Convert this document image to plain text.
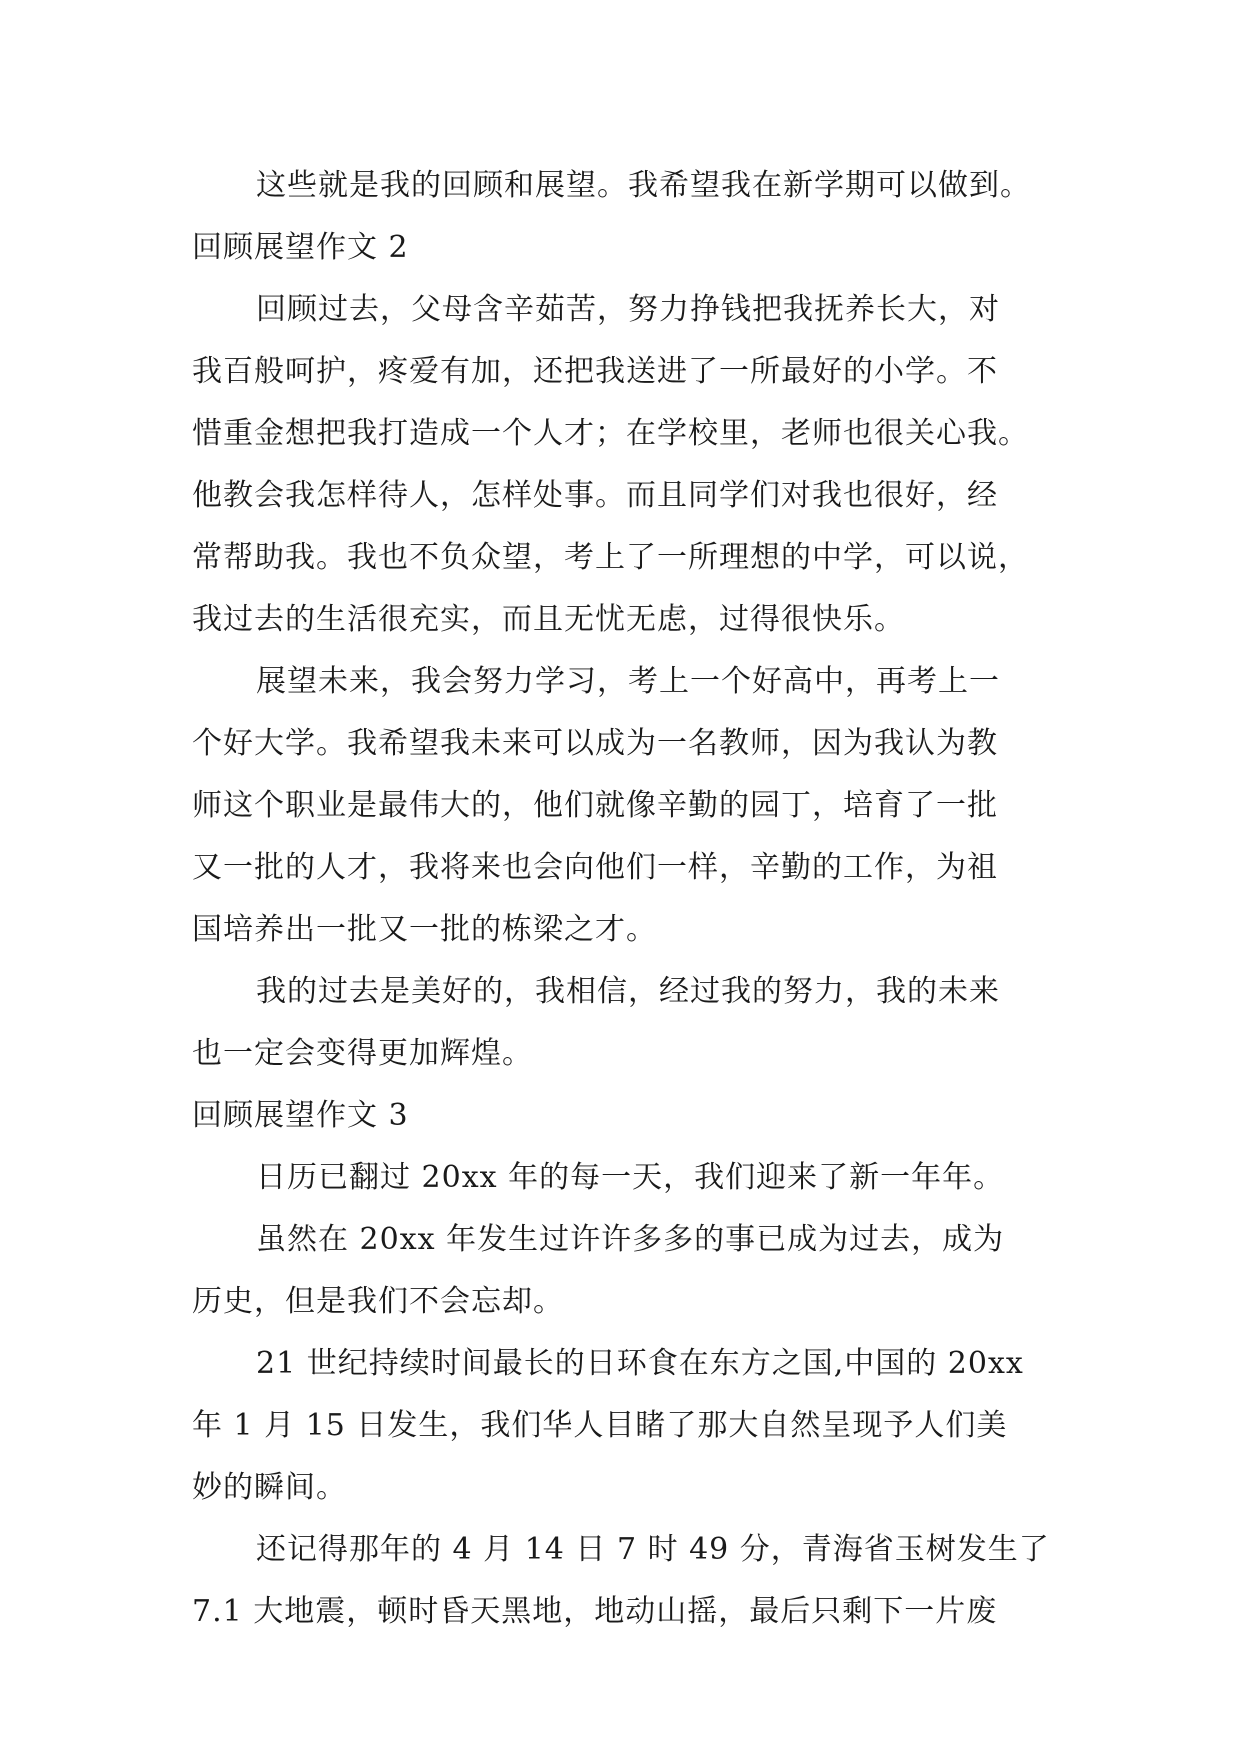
这些就是我的回顾和展望。我希望我在新学期可以做到。
回顾展望作文 2
回顾过去，父母含辛茹苦，努力挣钱把我抚养长大，对
我百般呵护，疼爱有加，还把我送进了一所最好的小学。不
惜重金想把我打造成一个人才；在学校里，老师也很关心我。
他教会我怎样待人，怎样处事。而且同学们对我也很好，经
常帮助我。我也不负众望，考上了一所理想的中学，可以说，
我过去的生活很充实，而且无忧无虑，过得很快乐。
展望未来，我会努力学习，考上一个好高中，再考上一
个好大学。我希望我未来可以成为一名教师，因为我认为教
师这个职业是最伟大的，他们就像辛勤的园丁，培育了一批
又一批的人才，我将来也会向他们一样，辛勤的工作，为祖
国培养出一批又一批的栋梁之才。
我的过去是美好的，我相信，经过我的努力，我的未来
也一定会变得更加辉煌。
回顾展望作文 3
日历已翻过 20xx 年的每一天，我们迎来了新一年年。
虽然在 20xx 年发生过许许多多的事已成为过去，成为
历史，但是我们不会忘却。
21 世纪持续时间最长的日环食在东方之国,中国的 20xx
年 1 月 15 日发生，我们华人目睹了那大自然呈现予人们美
妙的瞬间。
还记得那年的 4 月 14 日 7 时 49 分，青海省玉树发生了
7.1 大地震，顿时昏天黑地，地动山摇，最后只剩下一片废
